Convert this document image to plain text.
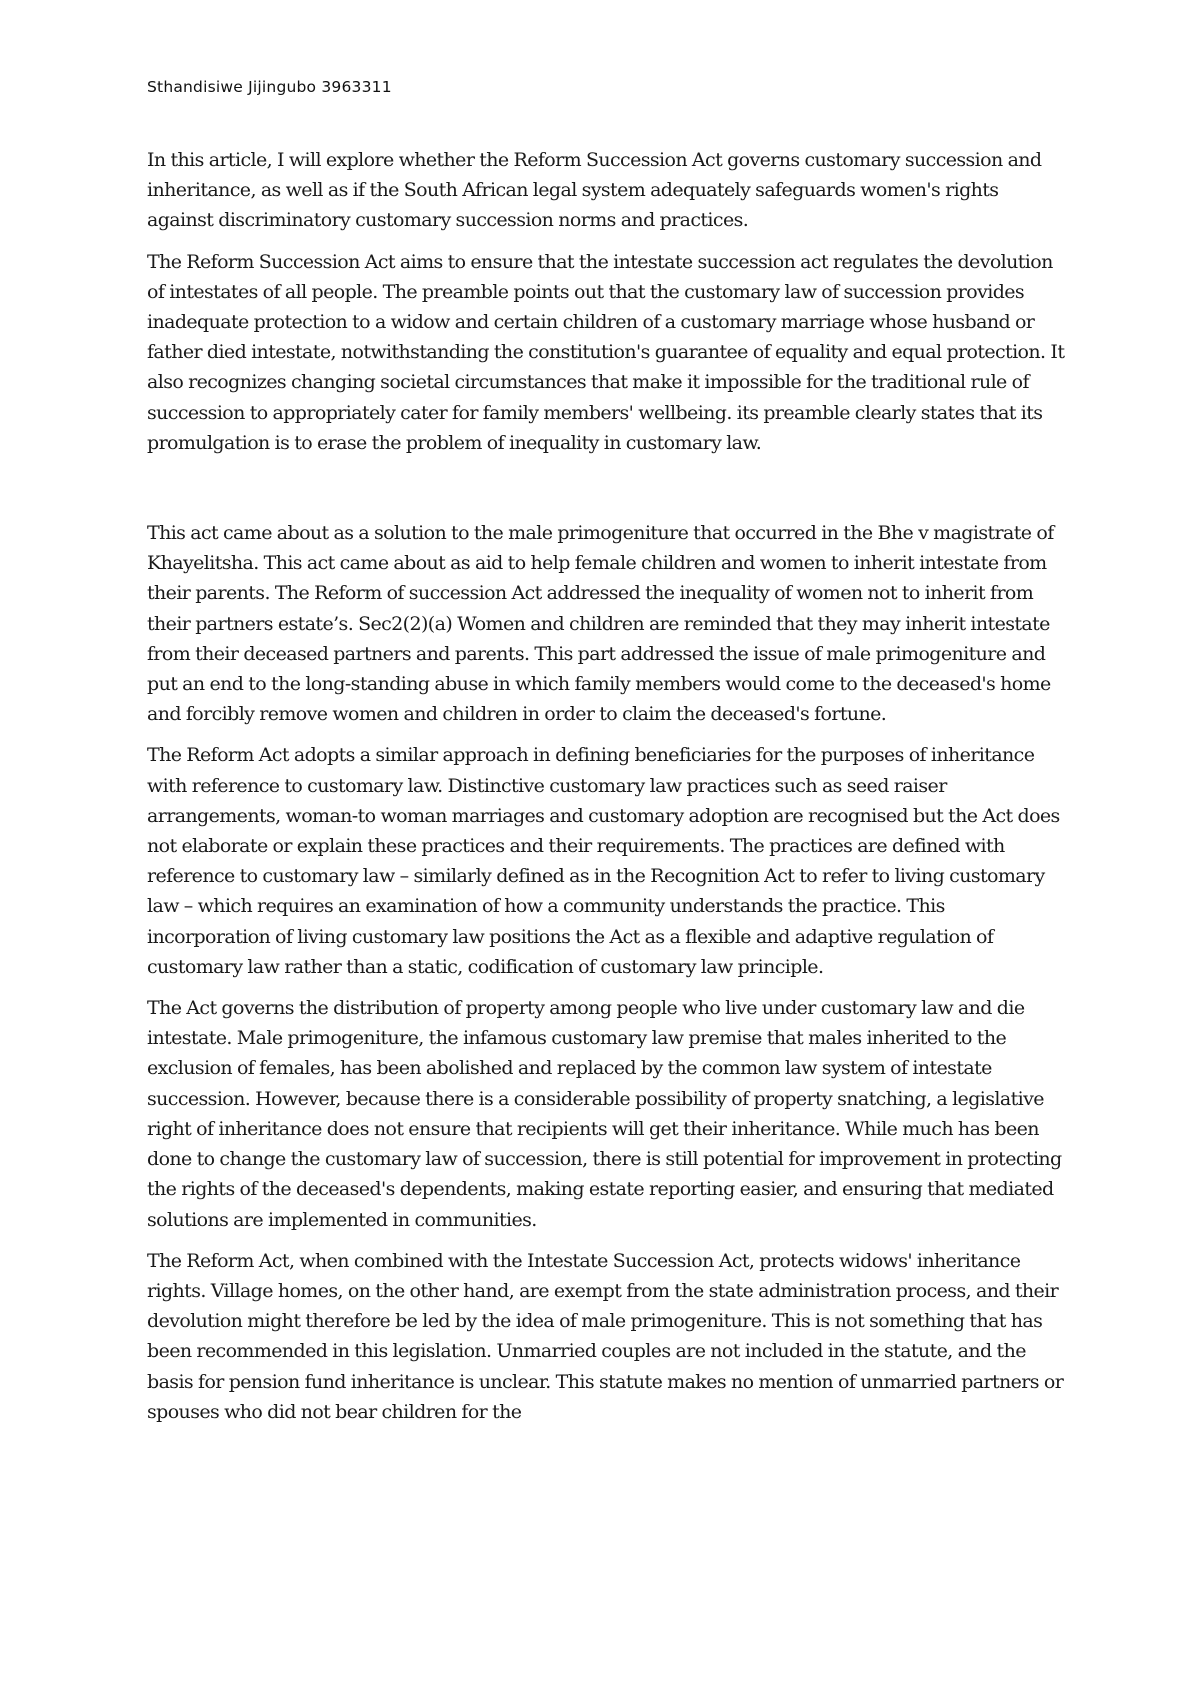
Sthandisiwe Jijingubo 3963311

In this article, I will explore whether the Reform Succession Act governs customary succession and inheritance, as well as if the South African legal system adequately safeguards women's rights against discriminatory customary succession norms and practices.

The Reform Succession Act aims to ensure that the intestate succession act regulates the devolution of intestates of all people. The preamble points out that the customary law of succession provides inadequate protection to a widow and certain children of a customary marriage whose husband or father died intestate, notwithstanding the constitution's guarantee of equality and equal protection. It also recognizes changing societal circumstances that make it impossible for the traditional rule of succession to appropriately cater for family members' wellbeing. its preamble clearly states that its promulgation is to erase the problem of inequality in customary law.

This act came about as a solution to the male primogeniture that occurred in the Bhe v magistrate of Khayelitsha. This act came about as aid to help female children and women to inherit intestate from their parents. The Reform of succession Act addressed the inequality of women not to inherit from their partners estate’s. Sec2(2)(a) Women and children are reminded that they may inherit intestate from their deceased partners and parents. This part addressed the issue of male primogeniture and put an end to the long-standing abuse in which family members would come to the deceased's home and forcibly remove women and children in order to claim the deceased's fortune.

The Reform Act adopts a similar approach in defining beneficiaries for the purposes of inheritance with reference to customary law. Distinctive customary law practices such as seed raiser arrangements, woman-to woman marriages and customary adoption are recognised but the Act does not elaborate or explain these practices and their requirements. The practices are defined with reference to customary law – similarly defined as in the Recognition Act to refer to living customary law – which requires an examination of how a community understands the practice. This incorporation of living customary law positions the Act as a flexible and adaptive regulation of customary law rather than a static, codification of customary law principle.

The Act governs the distribution of property among people who live under customary law and die intestate. Male primogeniture, the infamous customary law premise that males inherited to the exclusion of females, has been abolished and replaced by the common law system of intestate succession. However, because there is a considerable possibility of property snatching, a legislative right of inheritance does not ensure that recipients will get their inheritance. While much has been done to change the customary law of succession, there is still potential for improvement in protecting the rights of the deceased's dependents, making estate reporting easier, and ensuring that mediated solutions are implemented in communities.

The Reform Act, when combined with the Intestate Succession Act, protects widows' inheritance rights. Village homes, on the other hand, are exempt from the state administration process, and their devolution might therefore be led by the idea of male primogeniture. This is not something that has been recommended in this legislation. Unmarried couples are not included in the statute, and the basis for pension fund inheritance is unclear. This statute makes no mention of unmarried partners or spouses who did not bear children for the
